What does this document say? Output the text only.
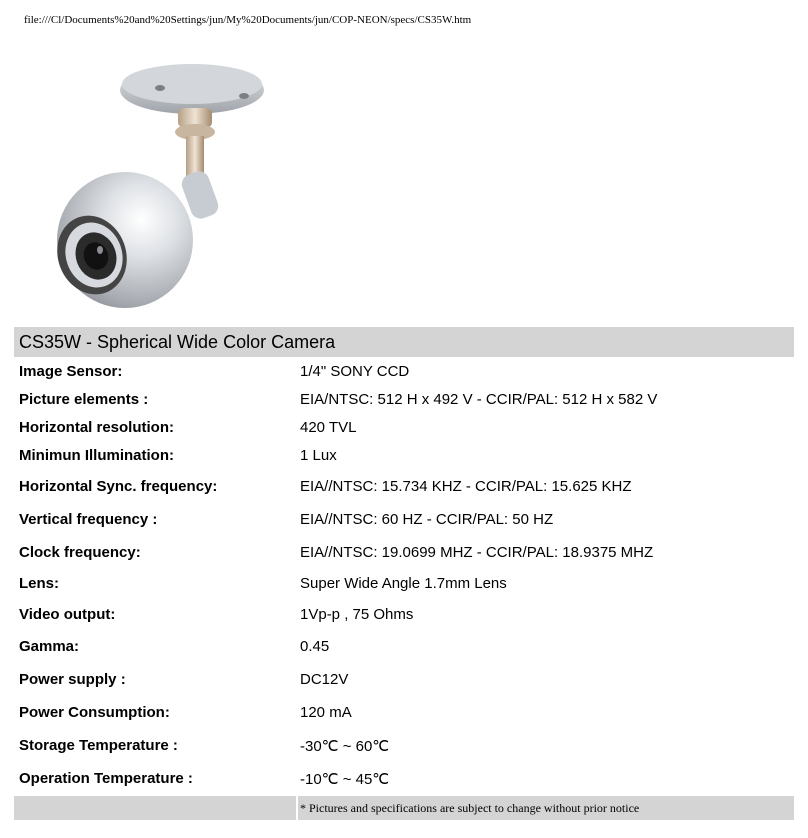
file:///Cl/Documents%20and%20Settings/jun/My%20Documents/jun/COP-NEON/specs/CS35W.htm
CS35W - Spherical Wide Color Camera
Image Sensor:	1/4" SONY CCD
Picture elements :	EIA/NTSC: 512 H x 492 V - CCIR/PAL: 512 H x 582 V
Horizontal resolution:	420 TVL
Minimun Illumination:	1 Lux
Horizontal Sync. frequency:	EIA//NTSC: 15.734 KHZ - CCIR/PAL: 15.625 KHZ
Vertical frequency :	EIA//NTSC: 60 HZ - CCIR/PAL: 50 HZ
Clock frequency:	EIA//NTSC: 19.0699 MHZ - CCIR/PAL: 18.9375 MHZ
Lens:	Super Wide Angle 1.7mm Lens
Video output:	1Vp-p , 75 Ohms
Gamma:	0.45
Power supply :	DC12V
Power Consumption:	120 mA
Storage Temperature :	-30℃ ~ 60℃
Operation Temperature :	-10℃ ~ 45℃
* Pictures and specifications are subject to change without prior notice
